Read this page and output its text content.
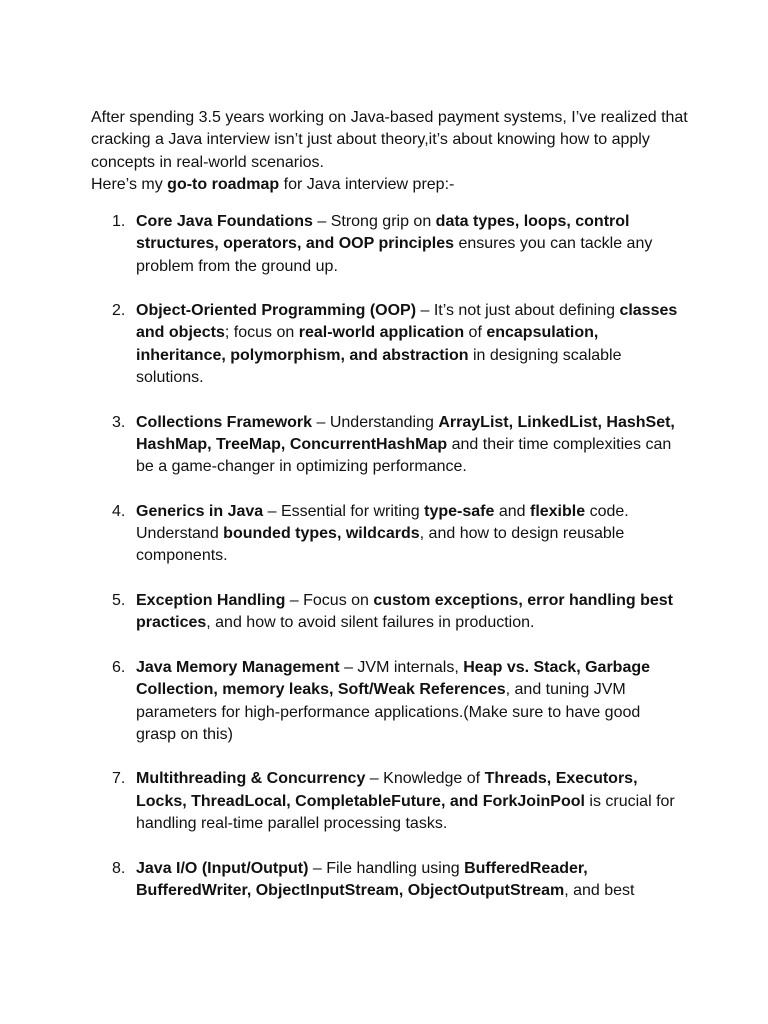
After spending 3.5 years working on Java-based payment systems, I’ve realized that cracking a Java interview isn’t just about theory,it’s about knowing how to apply concepts in real-world scenarios.

Here’s my go-to roadmap for Java interview prep:-

1. Core Java Foundations – Strong grip on data types, loops, control structures, operators, and OOP principles ensures you can tackle any problem from the ground up.

2. Object-Oriented Programming (OOP) – It’s not just about defining classes and objects; focus on real-world application of encapsulation, inheritance, polymorphism, and abstraction in designing scalable solutions.

3. Collections Framework – Understanding ArrayList, LinkedList, HashSet, HashMap, TreeMap, ConcurrentHashMap and their time complexities can be a game-changer in optimizing performance.

4. Generics in Java – Essential for writing type-safe and flexible code. Understand bounded types, wildcards, and how to design reusable components.

5. Exception Handling – Focus on custom exceptions, error handling best practices, and how to avoid silent failures in production.

6. Java Memory Management – JVM internals, Heap vs. Stack, Garbage Collection, memory leaks, Soft/Weak References, and tuning JVM parameters for high-performance applications.(Make sure to have good grasp on this)

7. Multithreading & Concurrency – Knowledge of Threads, Executors, Locks, ThreadLocal, CompletableFuture, and ForkJoinPool is crucial for handling real-time parallel processing tasks.

8. Java I/O (Input/Output) – File handling using BufferedReader, BufferedWriter, ObjectInputStream, ObjectOutputStream, and best
